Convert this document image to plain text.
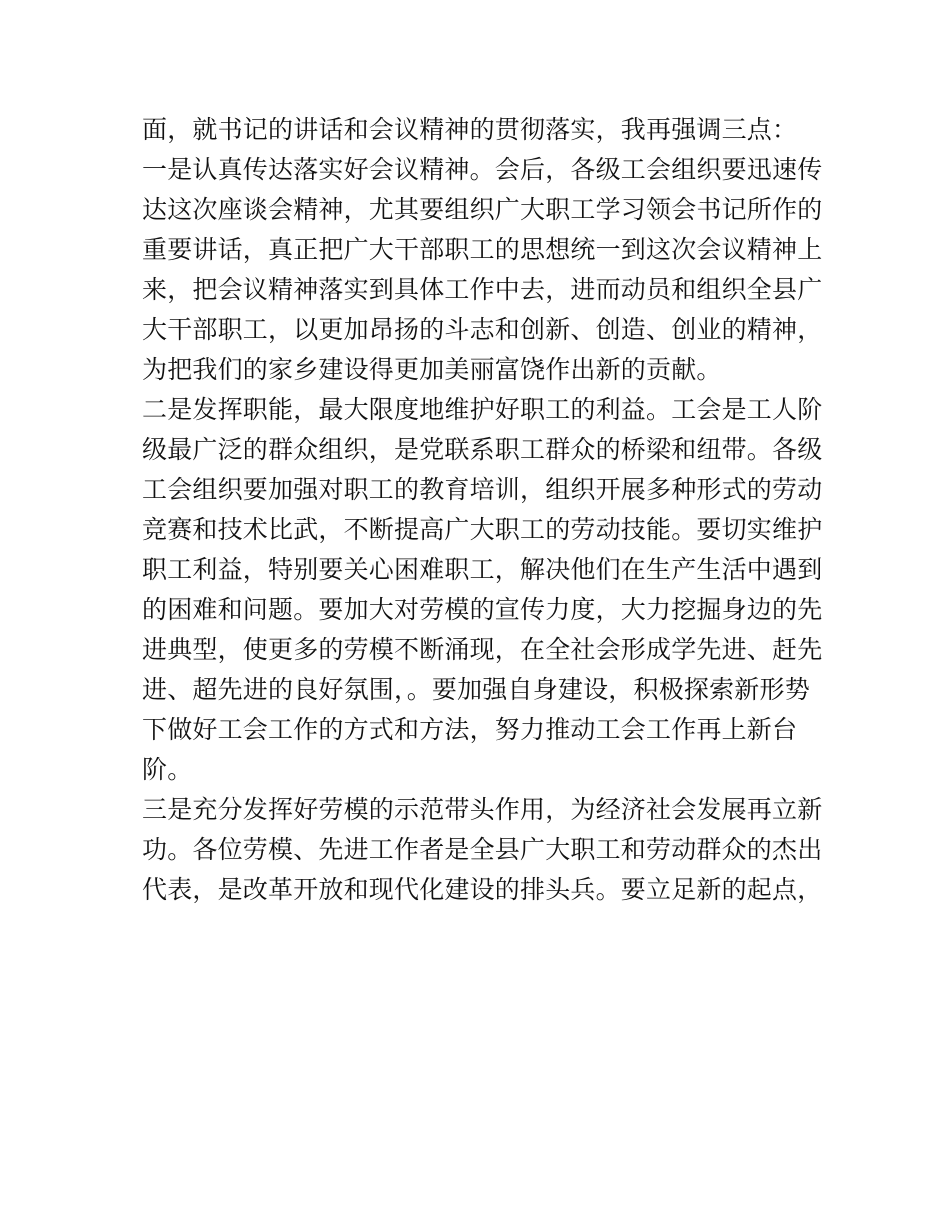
面，就书记的讲话和会议精神的贯彻落实，我再强调三点：

一是认真传达落实好会议精神。会后，各级工会组织要迅速传

达这次座谈会精神，尤其要组织广大职工学习领会书记所作的

重要讲话，真正把广大干部职工的思想统一到这次会议精神上

来，把会议精神落实到具体工作中去，进而动员和组织全县广

大干部职工，以更加昂扬的斗志和创新、创造、创业的精神，

为把我们的家乡建设得更加美丽富饶作出新的贡献。

二是发挥职能，最大限度地维护好职工的利益。工会是工人阶

级最广泛的群众组织，是党联系职工群众的桥梁和纽带。各级

工会组织要加强对职工的教育培训，组织开展多种形式的劳动

竞赛和技术比武，不断提高广大职工的劳动技能。要切实维护

职工利益，特别要关心困难职工，解决他们在生产生活中遇到

的困难和问题。要加大对劳模的宣传力度，大力挖掘身边的先

进典型，使更多的劳模不断涌现，在全社会形成学先进、赶先

进、超先进的良好氛围，。要加强自身建设，积极探索新形势

下做好工会工作的方式和方法，努力推动工会工作再上新台

阶。

三是充分发挥好劳模的示范带头作用，为经济社会发展再立新

功。各位劳模、先进工作者是全县广大职工和劳动群众的杰出

代表，是改革开放和现代化建设的排头兵。要立足新的起点，
